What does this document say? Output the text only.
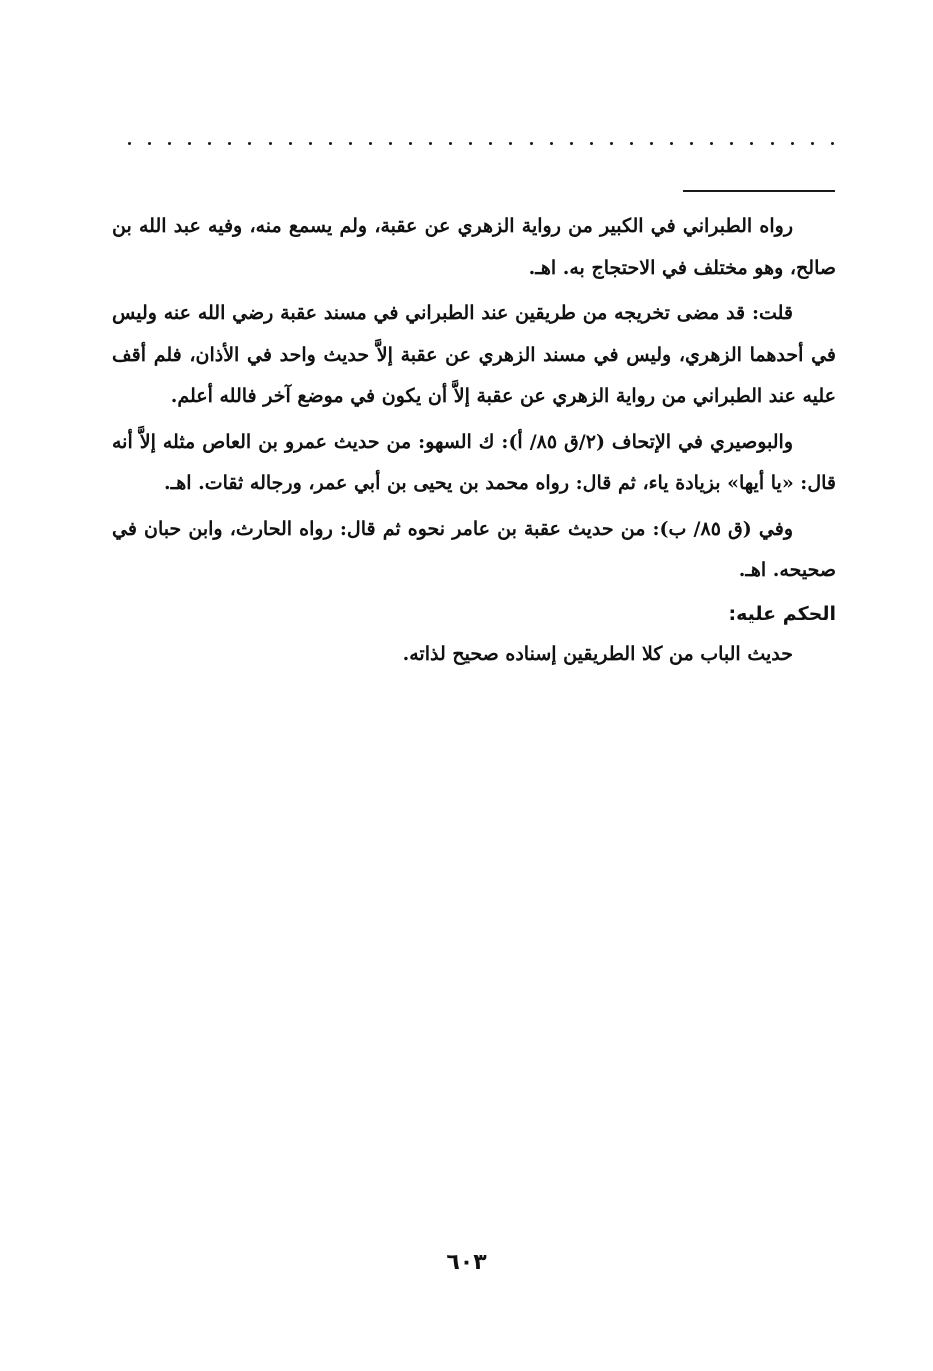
رواه الطبراني في الكبير من رواية الزهري عن عقبة، ولم يسمع منه، وفيه عبد الله بن صالح، وهو مختلف في الاحتجاج به. اهـ.

قلت: قد مضى تخريجه من طريقين عند الطبراني في مسند عقبة رضي الله عنه وليس في أحدهما الزهري، وليس في مسند الزهري عن عقبة إلاَّ حديث واحد في الأذان، فلم أقف عليه عند الطبراني من رواية الزهري عن عقبة إلاَّ أن يكون في موضع آخر فالله أعلم.

والبوصيري في الإتحاف (٢/ق ٨٥/ أ): ك السهو: من حديث عمرو بن العاص مثله إلاَّ أنه قال: «يا أيها» بزيادة ياء، ثم قال: رواه محمد بن يحيى بن أبي عمر، ورجاله ثقات. اهـ.

وفي (ق ٨٥/ ب): من حديث عقبة بن عامر نحوه ثم قال: رواه الحارث، وابن حبان في صحيحه. اهـ.

الحكم عليه:

حديث الباب من كلا الطريقين إسناده صحيح لذاته.

٦٠٣
